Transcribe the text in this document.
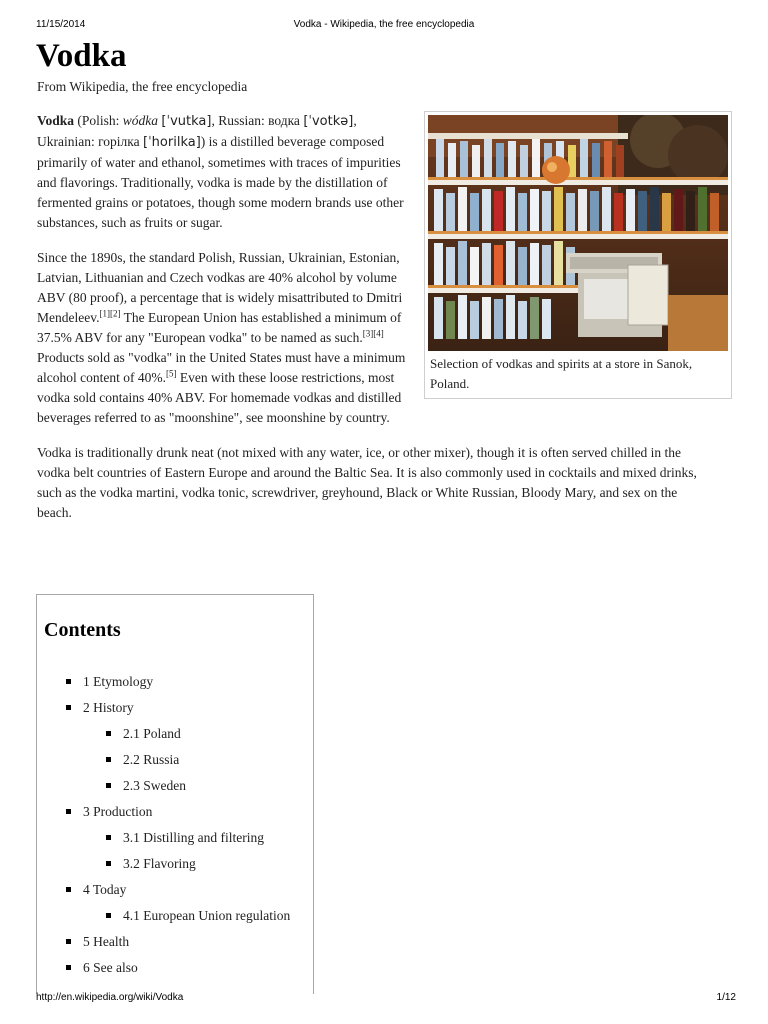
11/15/2014	Vodka - Wikipedia, the free encyclopedia
Vodka
From Wikipedia, the free encyclopedia
Selection of vodkas and spirits at a store in Sanok, Poland.

Vodka (Polish: wódka [ˈvutka], Russian: водка [ˈvotkə], Ukrainian: горілка [ˈhorilka]) is a distilled beverage composed primarily of water and ethanol, sometimes with traces of impurities and flavorings. Traditionally, vodka is made by the distillation of fermented grains or potatoes, though some modern brands use other substances, such as fruits or sugar.

Since the 1890s, the standard Polish, Russian, Ukrainian, Estonian, Latvian, Lithuanian and Czech vodkas are 40% alcohol by volume ABV (80 proof), a percentage that is widely misattributed to Dmitri Mendeleev.[1][2] The European Union has established a minimum of 37.5% ABV for any "European vodka" to be named as such.[3][4] Products sold as "vodka" in the United States must have a minimum alcohol content of 40%.[5] Even with these loose restrictions, most vodka sold contains 40% ABV. For homemade vodkas and distilled beverages referred to as "moonshine", see moonshine by country.

Vodka is traditionally drunk neat (not mixed with any water, ice, or other mixer), though it is often served chilled in the vodka belt countries of Eastern Europe and around the Baltic Sea. It is also commonly used in cocktails and mixed drinks, such as the vodka martini, vodka tonic, screwdriver, greyhound, Black or White Russian, Bloody Mary, and sex on the beach.

Contents
1 Etymology
2 History
2.1 Poland
2.2 Russia
2.3 Sweden
3 Production
3.1 Distilling and filtering
3.2 Flavoring
4 Today
4.1 European Union regulation
5 Health
6 See also
http://en.wikipedia.org/wiki/Vodka	1/12
